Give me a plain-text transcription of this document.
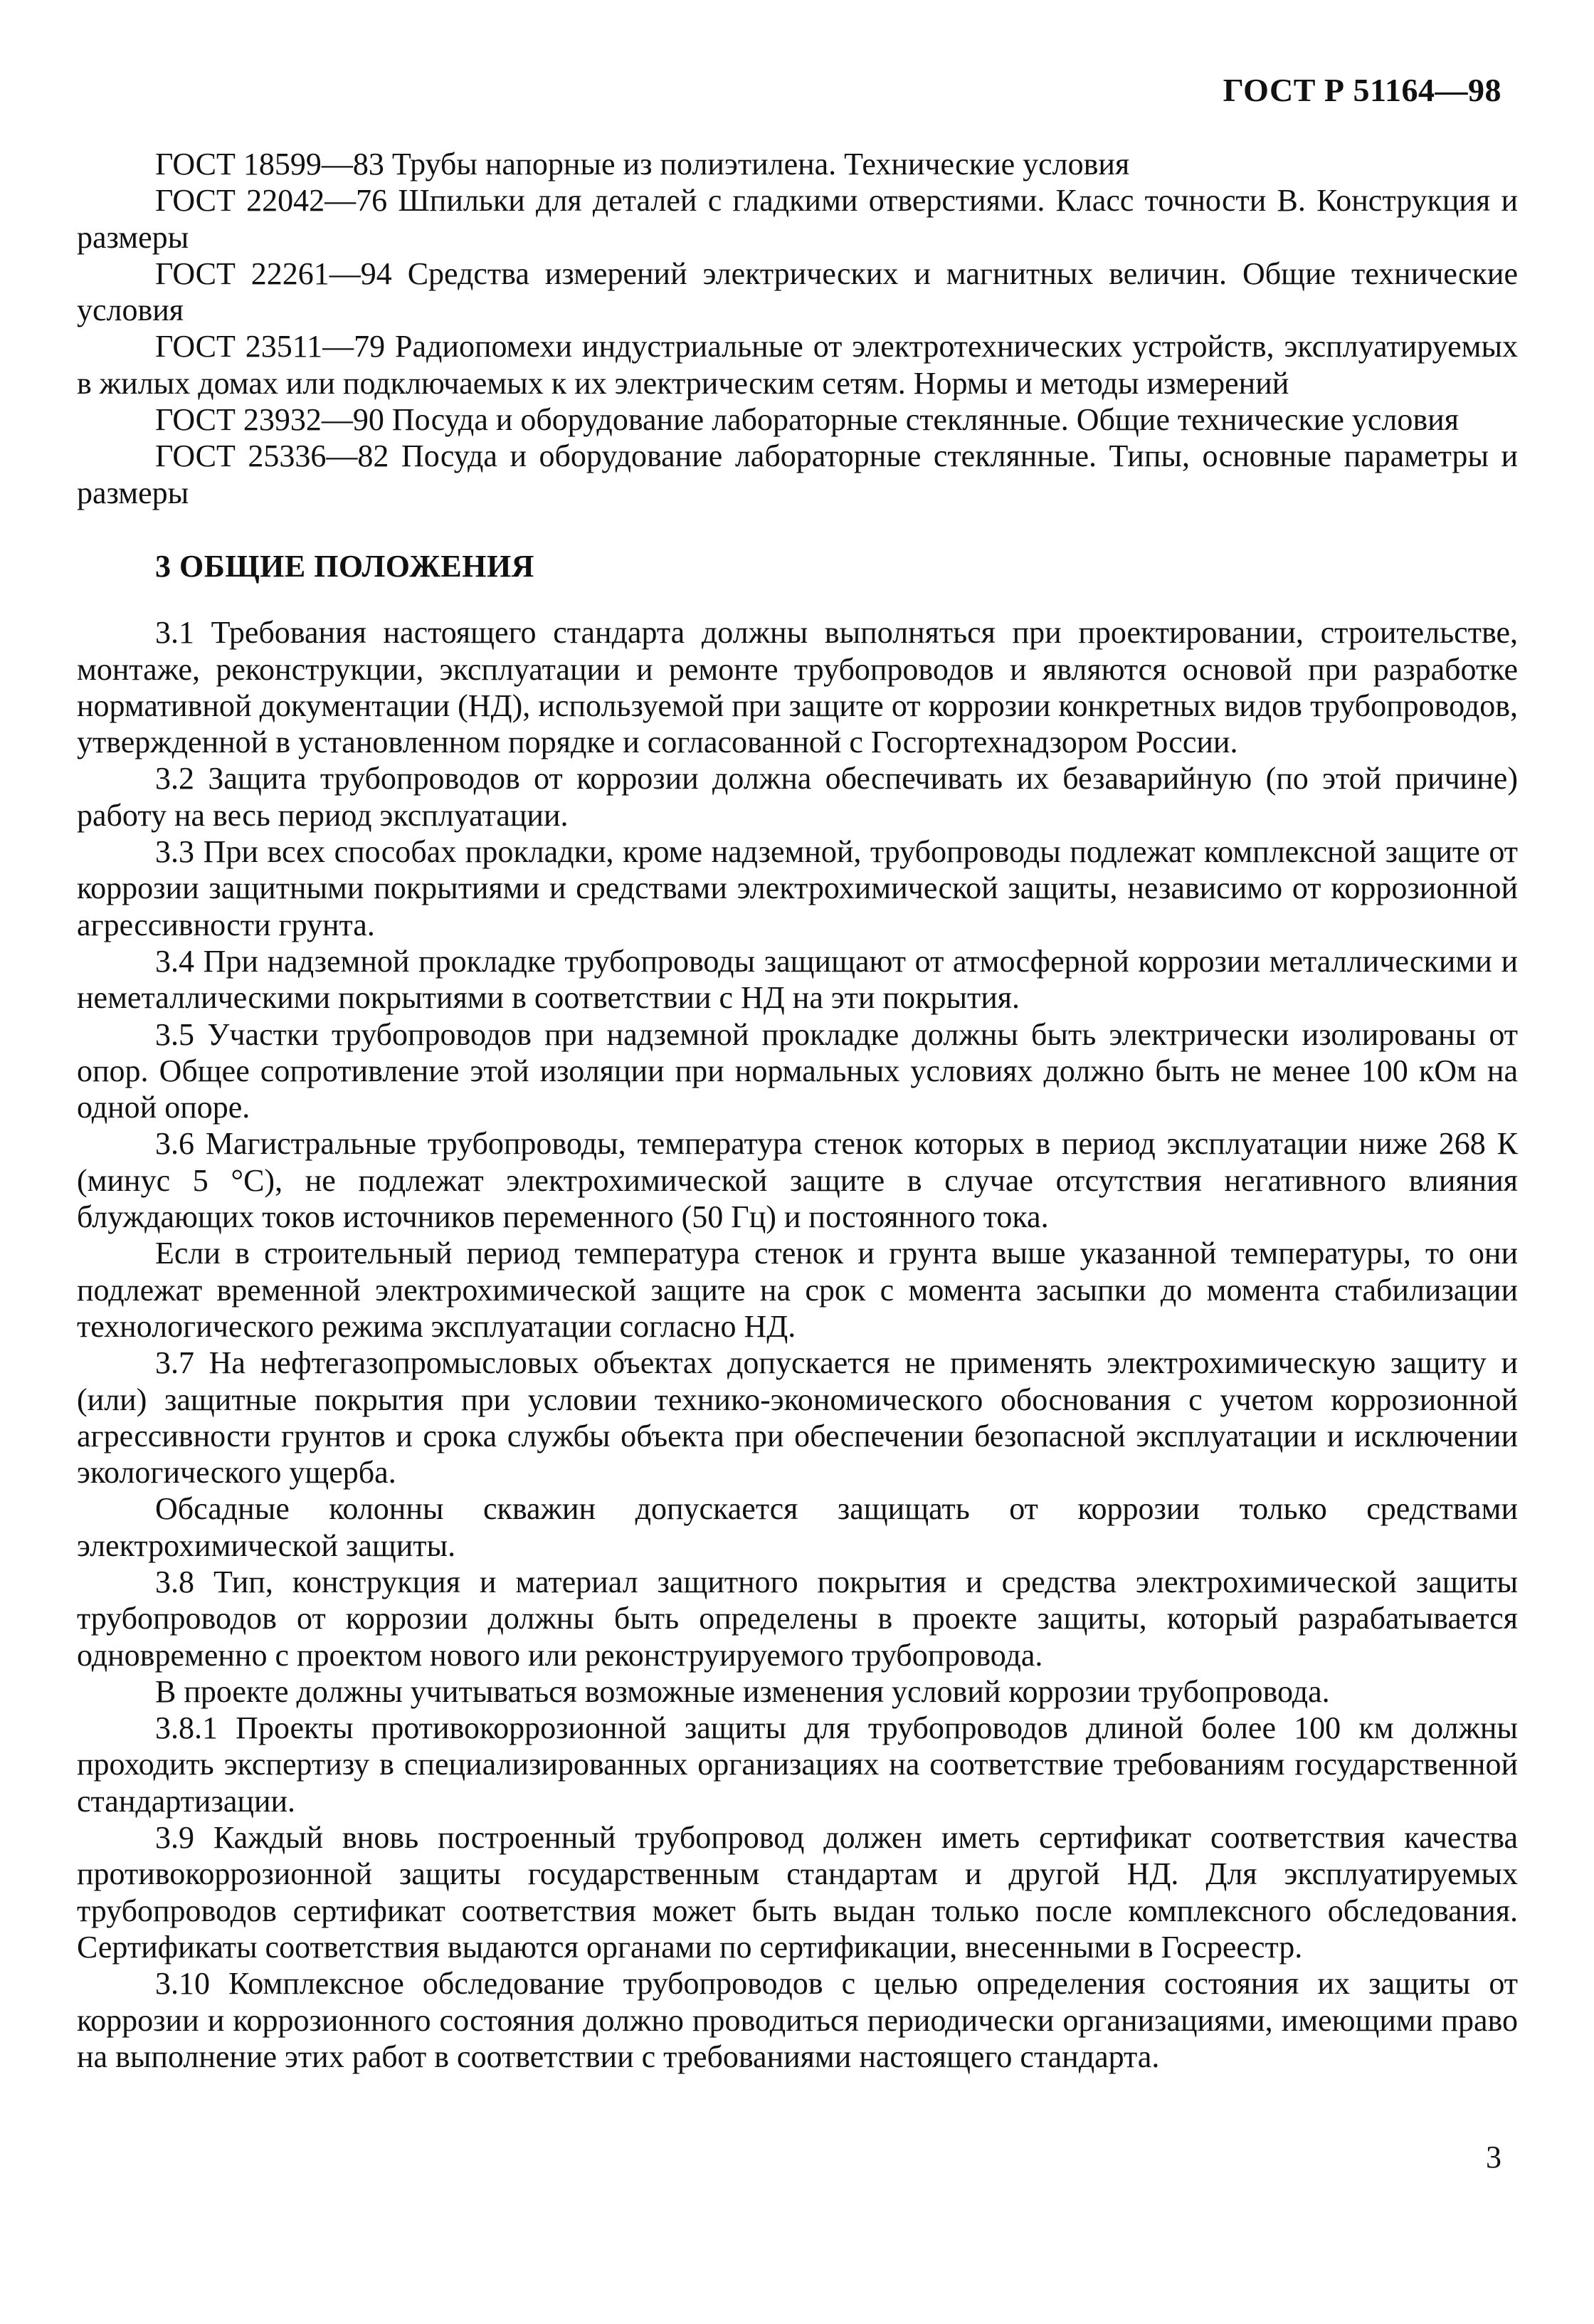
ГОСТ Р 51164—98

ГОСТ 18599—83 Трубы напорные из полиэтилена. Технические условия

ГОСТ 22042—76 Шпильки для деталей с гладкими отверстиями. Класс точности В. Конструкция и размеры

ГОСТ 22261—94 Средства измерений электрических и магнитных величин. Общие технические условия

ГОСТ 23511—79 Радиопомехи индустриальные от электротехнических устройств, эксплуатируемых в жилых домах или подключаемых к их электрическим сетям. Нормы и методы измерений

ГОСТ 23932—90 Посуда и оборудование лабораторные стеклянные. Общие технические условия

ГОСТ 25336—82 Посуда и оборудование лабораторные стеклянные. Типы, основные параметры и размеры

3 ОБЩИЕ ПОЛОЖЕНИЯ

3.1 Требования настоящего стандарта должны выполняться при проектировании, строительстве, монтаже, реконструкции, эксплуатации и ремонте трубопроводов и являются основой при разработке нормативной документации (НД), используемой при защите от коррозии конкретных видов трубопроводов, утвержденной в установленном порядке и согласованной с Госгортехнадзором России.

3.2 Защита трубопроводов от коррозии должна обеспечивать их безаварийную (по этой причине) работу на весь период эксплуатации.

3.3 При всех способах прокладки, кроме надземной, трубопроводы подлежат комплексной защите от коррозии защитными покрытиями и средствами электрохимической защиты, независимо от коррозионной агрессивности грунта.

3.4 При надземной прокладке трубопроводы защищают от атмосферной коррозии металлическими и неметаллическими покрытиями в соответствии с НД на эти покрытия.

3.5 Участки трубопроводов при надземной прокладке должны быть электрически изолированы от опор. Общее сопротивление этой изоляции при нормальных условиях должно быть не менее 100 кОм на одной опоре.

3.6 Магистральные трубопроводы, температура стенок которых в период эксплуатации ниже 268 К (минус 5 °С), не подлежат электрохимической защите в случае отсутствия негативного влияния блуждающих токов источников переменного (50 Гц) и постоянного тока.

Если в строительный период температура стенок и грунта выше указанной температуры, то они подлежат временной электрохимической защите на срок с момента засыпки до момента стабилизации технологического режима эксплуатации согласно НД.

3.7 На нефтегазопромысловых объектах допускается не применять электрохимическую защиту и (или) защитные покрытия при условии технико-экономического обоснования с учетом коррозионной агрессивности грунтов и срока службы объекта при обеспечении безопасной эксплуатации и исключении экологического ущерба.

Обсадные колонны скважин допускается защищать от коррозии только средствами электрохимической защиты.

3.8 Тип, конструкция и материал защитного покрытия и средства электрохимической защиты трубопроводов от коррозии должны быть определены в проекте защиты, который разрабатывается одновременно с проектом нового или реконструируемого трубопровода.

В проекте должны учитываться возможные изменения условий коррозии трубопровода.

3.8.1 Проекты противокоррозионной защиты для трубопроводов длиной более 100 км должны проходить экспертизу в специализированных организациях на соответствие требованиям государственной стандартизации.

3.9 Каждый вновь построенный трубопровод должен иметь сертификат соответствия качества противокоррозионной защиты государственным стандартам и другой НД. Для эксплуатируемых трубопроводов сертификат соответствия может быть выдан только после комплексного обследования. Сертификаты соответствия выдаются органами по сертификации, внесенными в Госреестр.

3.10 Комплексное обследование трубопроводов с целью определения состояния их защиты от коррозии и коррозионного состояния должно проводиться периодически организациями, имеющими право на выполнение этих работ в соответствии с требованиями настоящего стандарта.

3
